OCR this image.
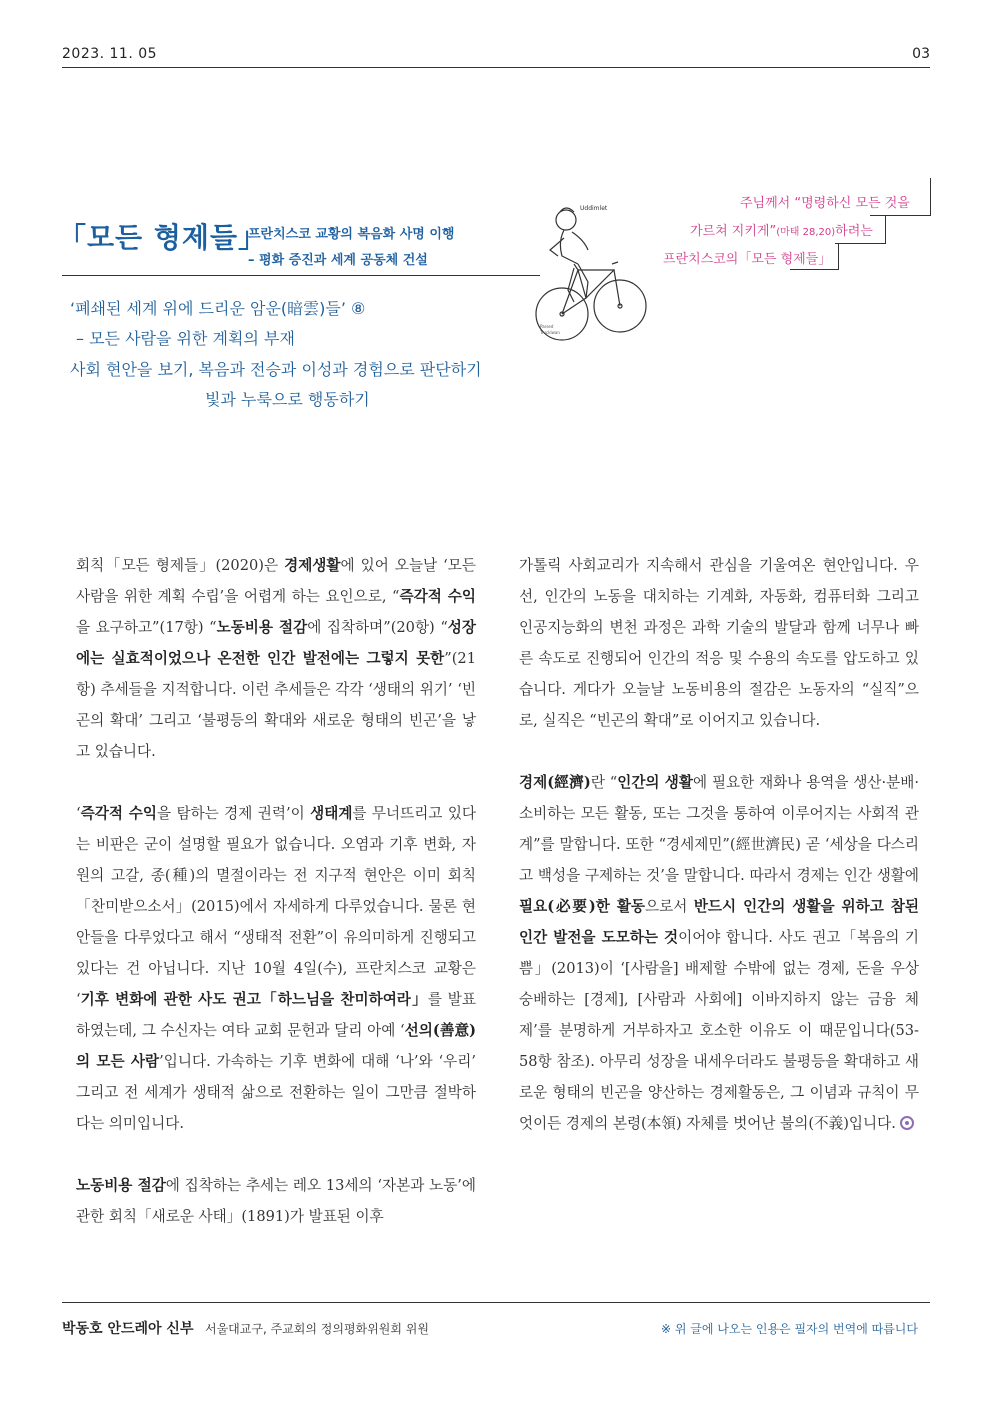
2023. 11. 05	03
「모든 형제들」
프란치스코 교황의 복음화 사명 이행
– 평화 증진과 세계 공동체 건설
주님께서 “명령하신 모든 것을
가르쳐 지키게”(마태 28,20)하려는
프란치스코의「모든 형제들」
Uddimlet
Parsed
Trucklwan
‘폐쇄된 세계 위에 드리운 암운(暗雲)들’ ⑧
– 모든 사람을 위한 계획의 부재
사회 현안을 보기, 복음과 전승과 이성과 경험으로 판단하기
빛과 누룩으로 행동하기

회칙「모든 형제들」(2020)은 경제생활에 있어 오늘날 ‘모든 사람을 위한 계획 수립’을 어렵게 하는 요인으로, “즉각적 수익을 요구하고”(17항) “노동비용 절감에 집착하며”(20항) “성장에는 실효적이었으나 온전한 인간 발전에는 그렇지 못한”(21항) 추세들을 지적합니다. 이런 추세들은 각각 ‘생태의 위기’ ‘빈곤의 확대’ 그리고 ‘불평등의 확대와 새로운 형태의 빈곤’을 낳고 있습니다.

‘즉각적 수익을 탐하는 경제 권력’이 생태계를 무너뜨리고 있다는 비판은 군이 설명할 필요가 없습니다. 오염과 기후 변화, 자원의 고갈, 종(種)의 멸절이라는 전 지구적 현안은 이미 회칙「찬미받으소서」(2015)에서 자세하게 다루었습니다. 물론 현안들을 다루었다고 해서 “생태적 전환”이 유의미하게 진행되고 있다는 건 아닙니다. 지난 10월 4일(수), 프란치스코 교황은 ‘기후 변화에 관한 사도 권고「하느님을 찬미하여라」를 발표하였는데, 그 수신자는 여타 교회 문헌과 달리 아예 ‘선의(善意)의 모든 사람’입니다. 가속하는 기후 변화에 대해 ‘나’와 ‘우리’ 그리고 전 세계가 생태적 삶으로 전환하는 일이 그만큼 절박하다는 의미입니다.

노동비용 절감에 집착하는 추세는 레오 13세의 ‘자본과 노동’에 관한 회칙「새로운 사태」(1891)가 발표된 이후

가톨릭 사회교리가 지속해서 관심을 기울여온 현안입니다. 우선, 인간의 노동을 대치하는 기계화, 자동화, 컴퓨터화 그리고 인공지능화의 변천 과정은 과학 기술의 발달과 함께 너무나 빠른 속도로 진행되어 인간의 적응 및 수용의 속도를 압도하고 있습니다. 게다가 오늘날 노동비용의 절감은 노동자의 “실직”으로, 실직은 “빈곤의 확대”로 이어지고 있습니다.

경제(經濟)란 “인간의 생활에 필요한 재화나 용역을 생산·분배·소비하는 모든 활동, 또는 그것을 통하여 이루어지는 사회적 관계”를 말합니다. 또한 “경세제민”(經世濟民) 곧 ‘세상을 다스리고 백성을 구제하는 것’을 말합니다. 따라서 경제는 인간 생활에 필요(必要)한 활동으로서 반드시 인간의 생활을 위하고 참된 인간 발전을 도모하는 것이어야 합니다. 사도 권고「복음의 기쁨」(2013)이 ‘[사람을] 배제할 수밖에 없는 경제, 돈을 우상 숭배하는 [경제], [사람과 사회에] 이바지하지 않는 금융 체제’를 분명하게 거부하자고 호소한 이유도 이 때문입니다(53-58항 참조). 아무리 성장을 내세우더라도 불평등을 확대하고 새로운 형태의 빈곤을 양산하는 경제활동은, 그 이념과 규칙이 무엇이든 경제의 본령(本領) 자체를 벗어난 불의(不義)입니다.

박동호 안드레아 신부 서울대교구, 주교회의 정의평화위원회 위원	※ 위 글에 나오는 인용은 필자의 번역에 따릅니다
